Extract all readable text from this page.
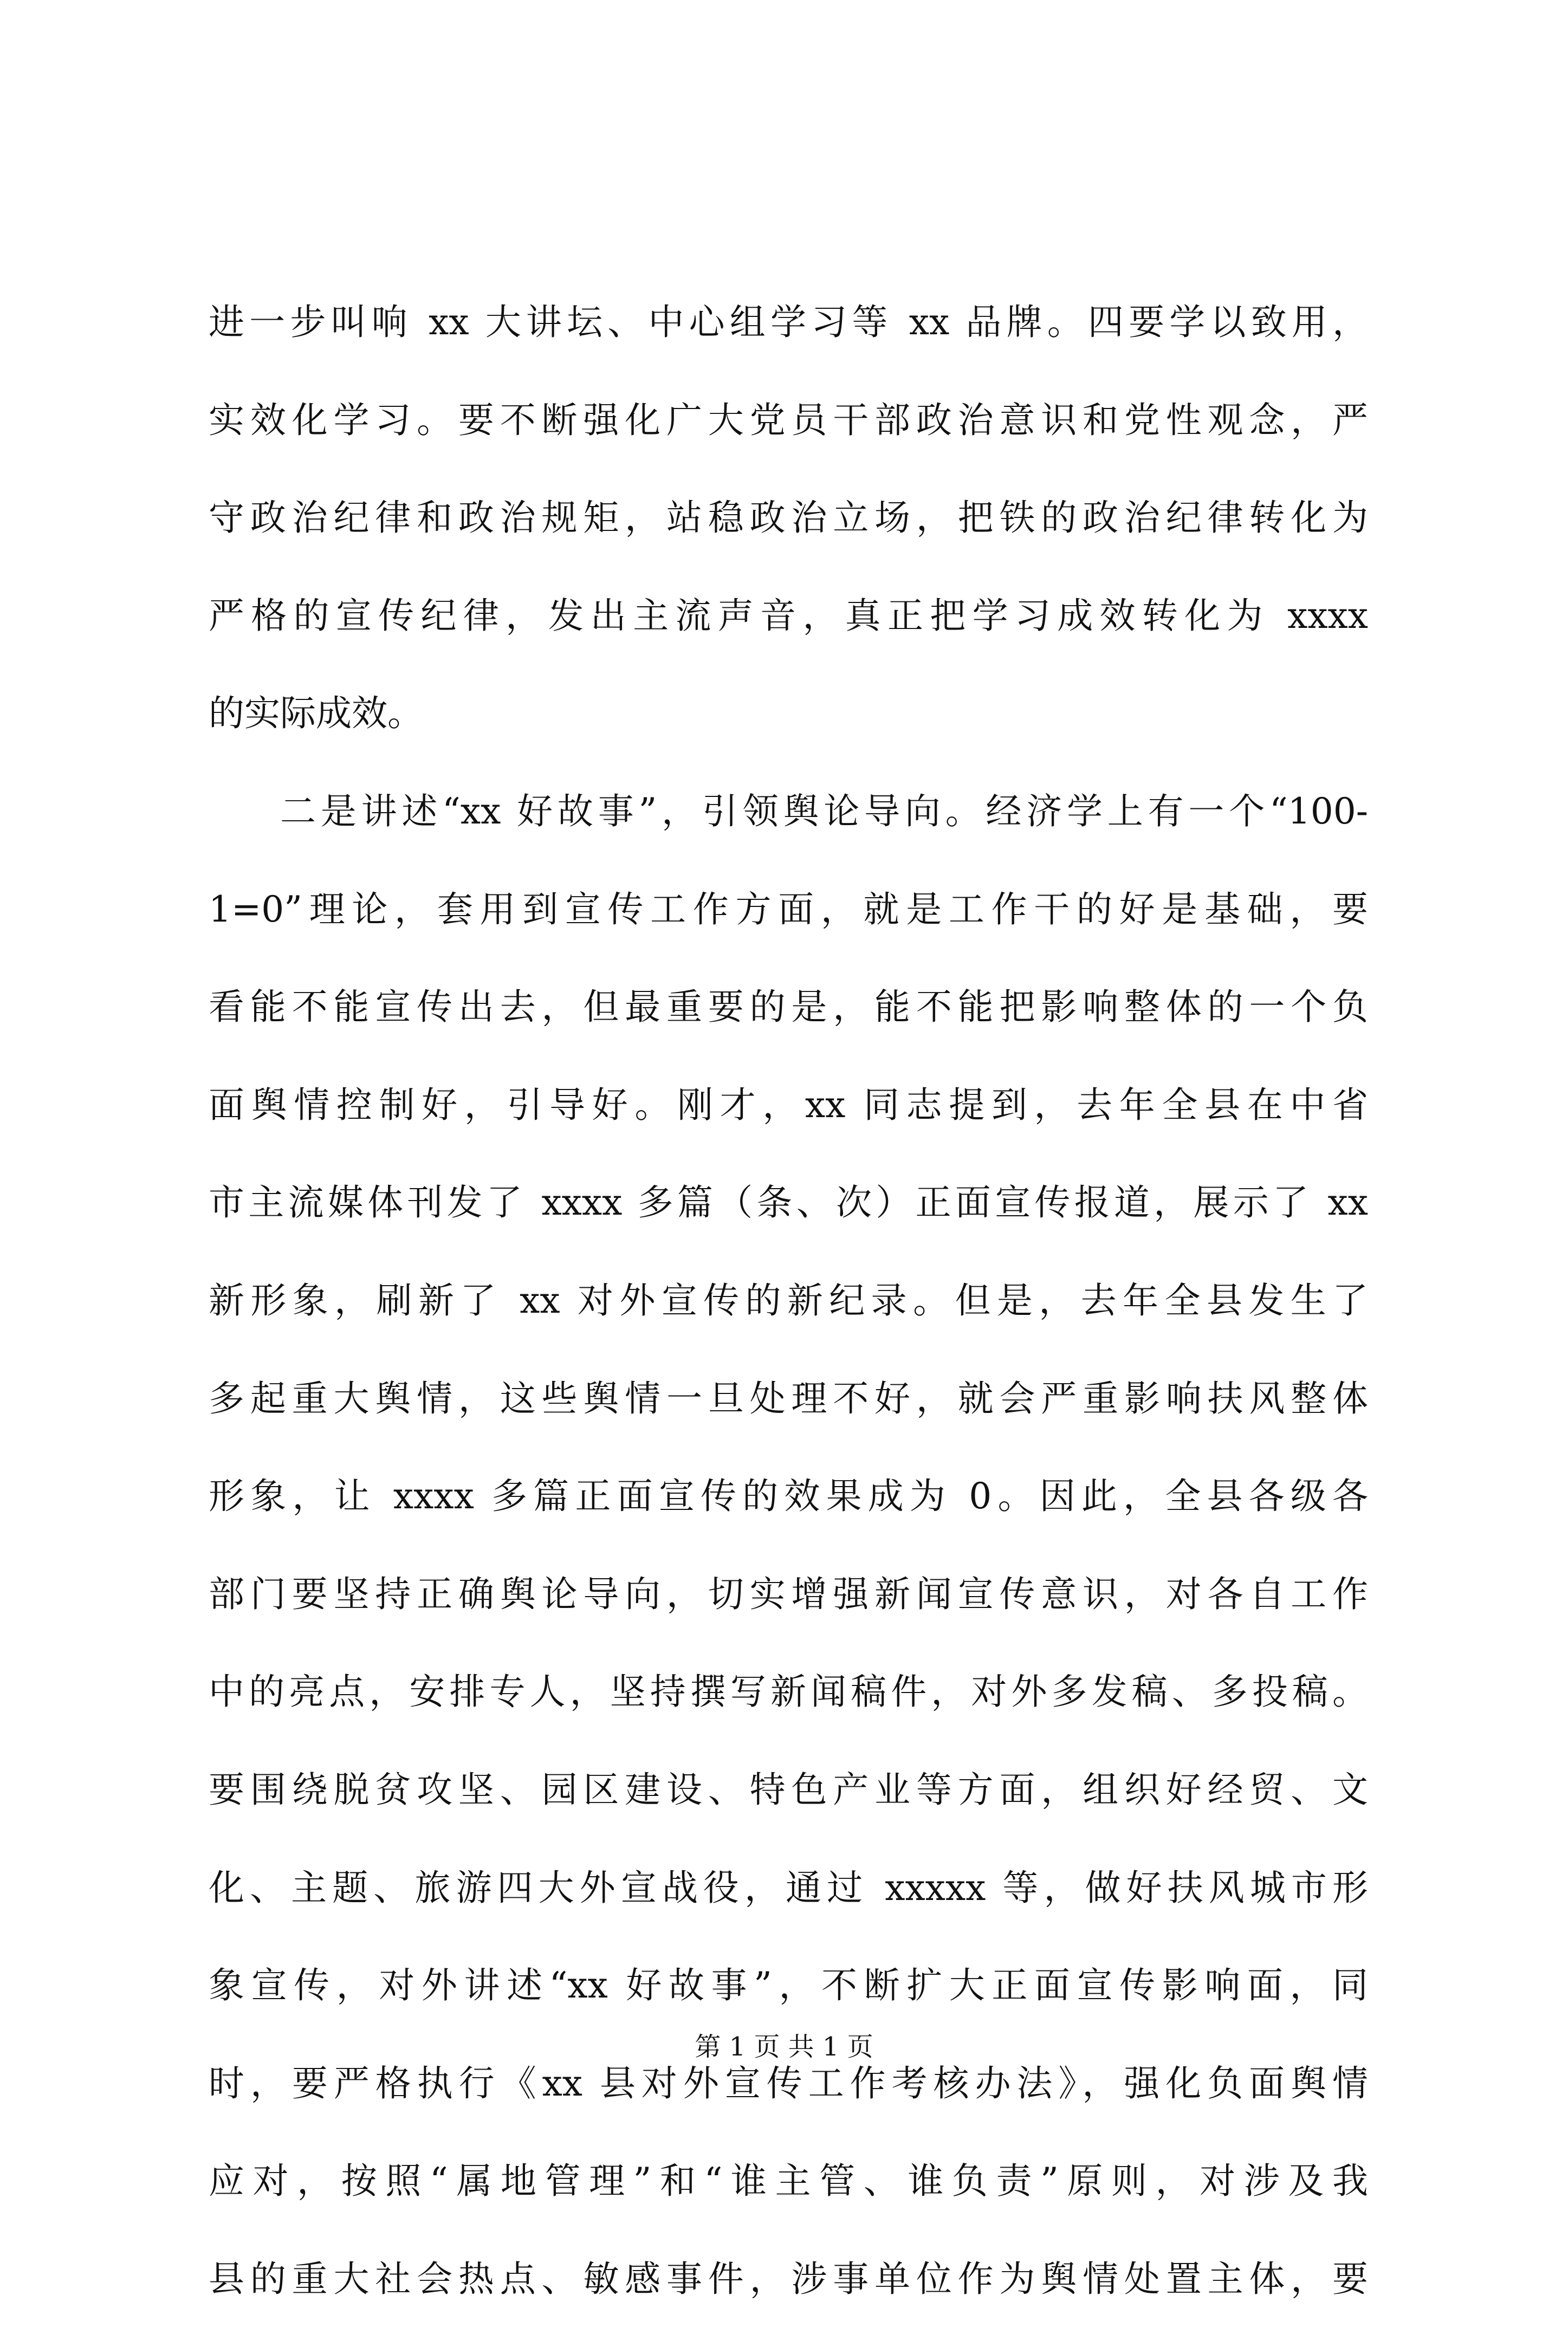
进一步叫响 xx 大讲坛、中心组学习等 xx 品牌。四要学以致用，
实效化学习。要不断强化广大党员干部政治意识和党性观念，严
守政治纪律和政治规矩，站稳政治立场，把铁的政治纪律转化为
严格的宣传纪律，发出主流声音，真正把学习成效转化为 xxxx
的实际成效。
二是讲述“xx 好故事”，引领舆论导向。经济学上有一个“100-
1=0”理论，套用到宣传工作方面，就是工作干的好是基础，要
看能不能宣传出去，但最重要的是，能不能把影响整体的一个负
面舆情控制好，引导好。刚才，xx 同志提到，去年全县在中省
市主流媒体刊发了 xxxx 多篇（条、次）正面宣传报道，展示了 xx
新形象，刷新了 xx 对外宣传的新纪录。但是，去年全县发生了
多起重大舆情，这些舆情一旦处理不好，就会严重影响扶风整体
形象，让 xxxx 多篇正面宣传的效果成为 0。因此，全县各级各
部门要坚持正确舆论导向，切实增强新闻宣传意识，对各自工作
中的亮点，安排专人，坚持撰写新闻稿件，对外多发稿、多投稿。
要围绕脱贫攻坚、园区建设、特色产业等方面，组织好经贸、文
化、主题、旅游四大外宣战役，通过 xxxxx 等，做好扶风城市形
象宣传，对外讲述“xx 好故事”，不断扩大正面宣传影响面，同
时，要严格执行《xx 县对外宣传工作考核办法》，强化负面舆情
应对，按照“属地管理”和“谁主管、谁负责”原则，对涉及我
县的重大社会热点、敏感事件，涉事单位作为舆情处置主体，要
第 1 页 共 1 页
